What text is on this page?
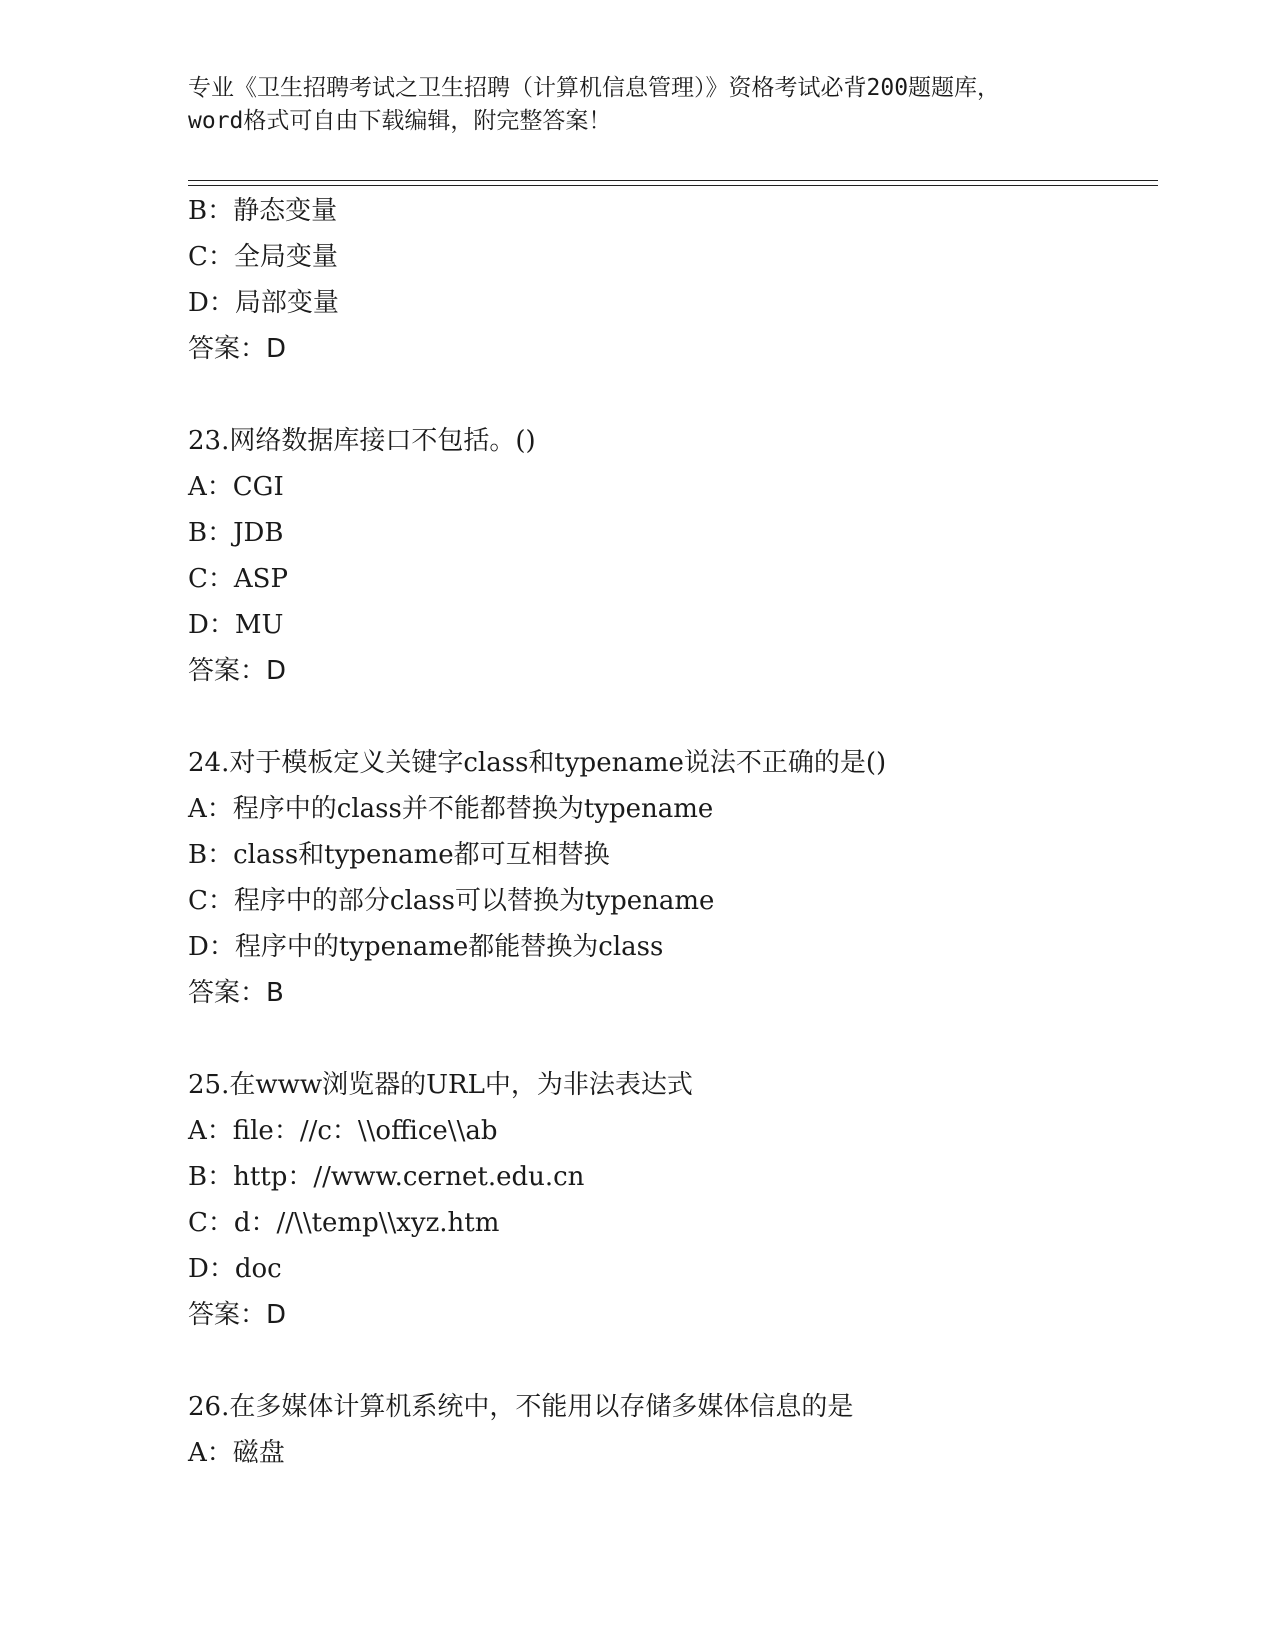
专业《卫生招聘考试之卫生招聘（计算机信息管理）》资格考试必背200题题库，
word格式可自由下载编辑，附完整答案！
B：静态变量
C：全局变量
D：局部变量
答案：D
23.网络数据库接口不包括。()
A：CGI
B：JDB
C：ASP
D：MU
答案：D
24.对于模板定义关键字class和typename说法不正确的是()
A：程序中的class并不能都替换为typename
B：class和typename都可互相替换
C：程序中的部分class可以替换为typename
D：程序中的typename都能替换为class
答案：B
25.在www浏览器的URL中，为非法表达式
A：file：//c：\\office\\ab
B：http：//www.cernet.edu.cn
C：d：//\\temp\\xyz.htm
D：doc
答案：D
26.在多媒体计算机系统中，不能用以存储多媒体信息的是
A：磁盘
